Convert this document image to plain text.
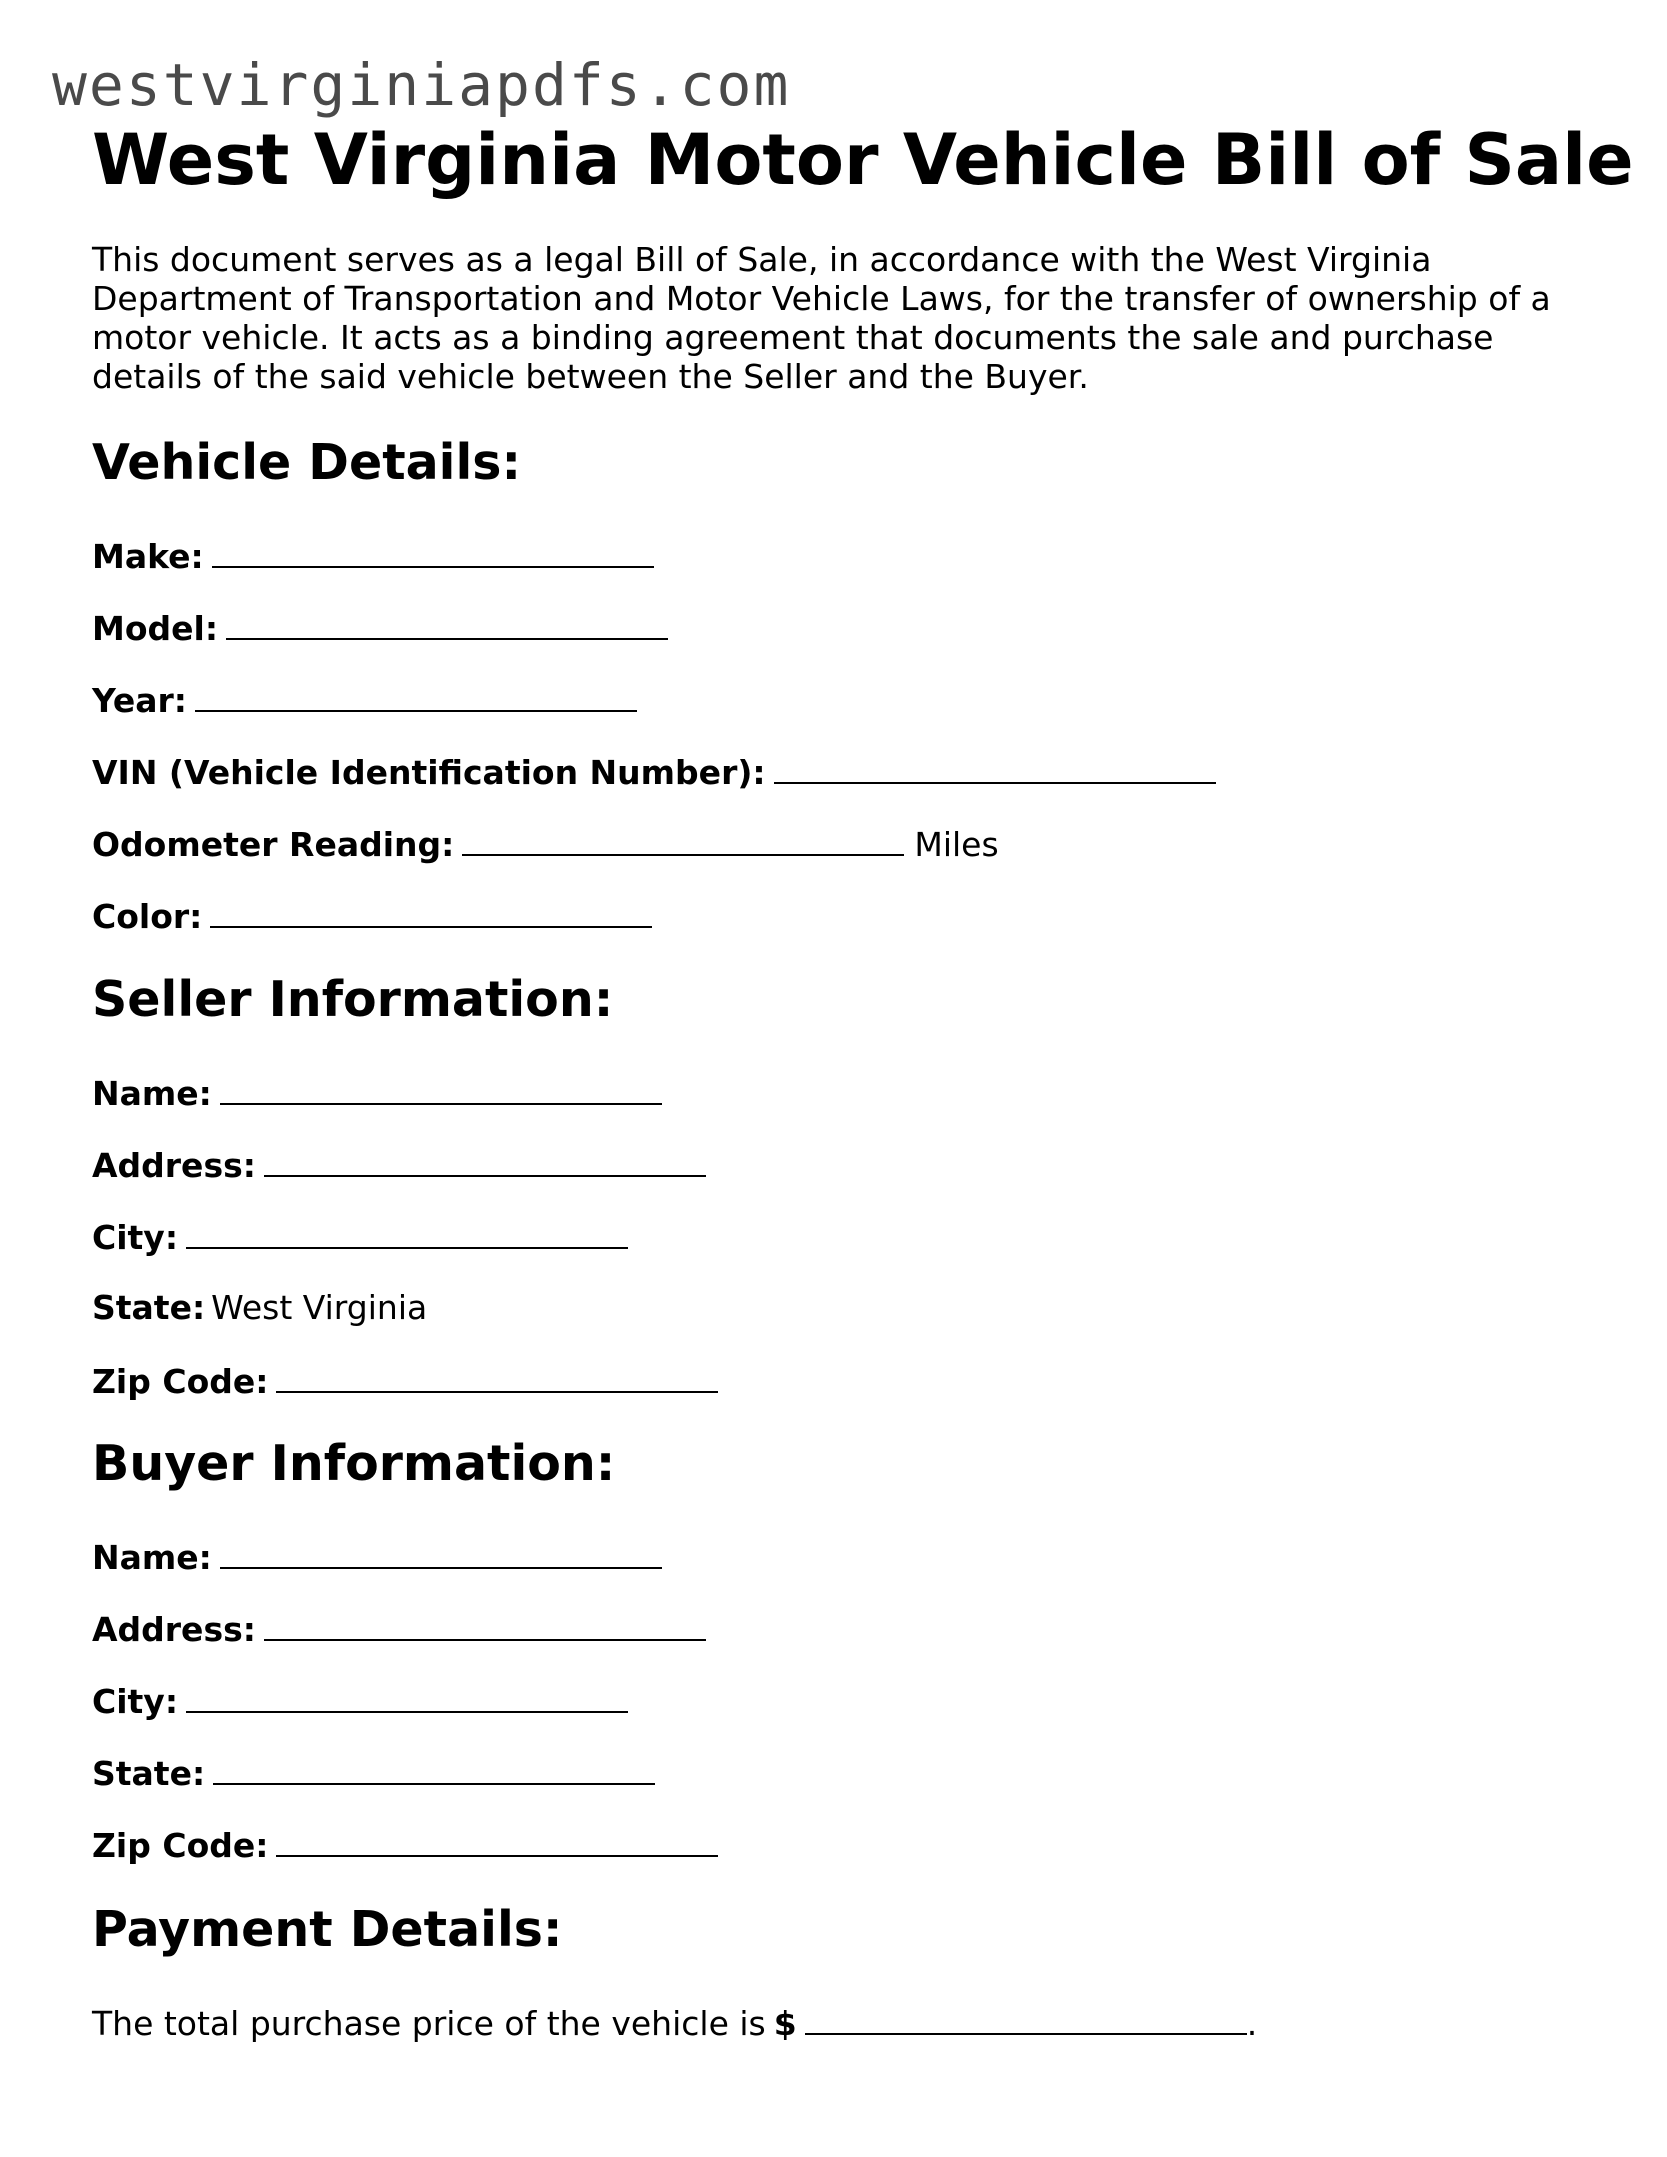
westvirginiapdfs.com
West Virginia Motor Vehicle Bill of Sale

This document serves as a legal Bill of Sale, in accordance with the West Virginia Department of Transportation and Motor Vehicle Laws, for the transfer of ownership of a motor vehicle. It acts as a binding agreement that documents the sale and purchase details of the said vehicle between the Seller and the Buyer.

Vehicle Details:
Make:
Model:
Year:
VIN (Vehicle Identification Number):
Odometer Reading:	Miles
Color:
Seller Information:
Name:
Address:
City:
State: West Virginia
Zip Code:
Buyer Information:
Name:
Address:
City:
State:
Zip Code:
Payment Details:
The total purchase price of the vehicle is $	.
